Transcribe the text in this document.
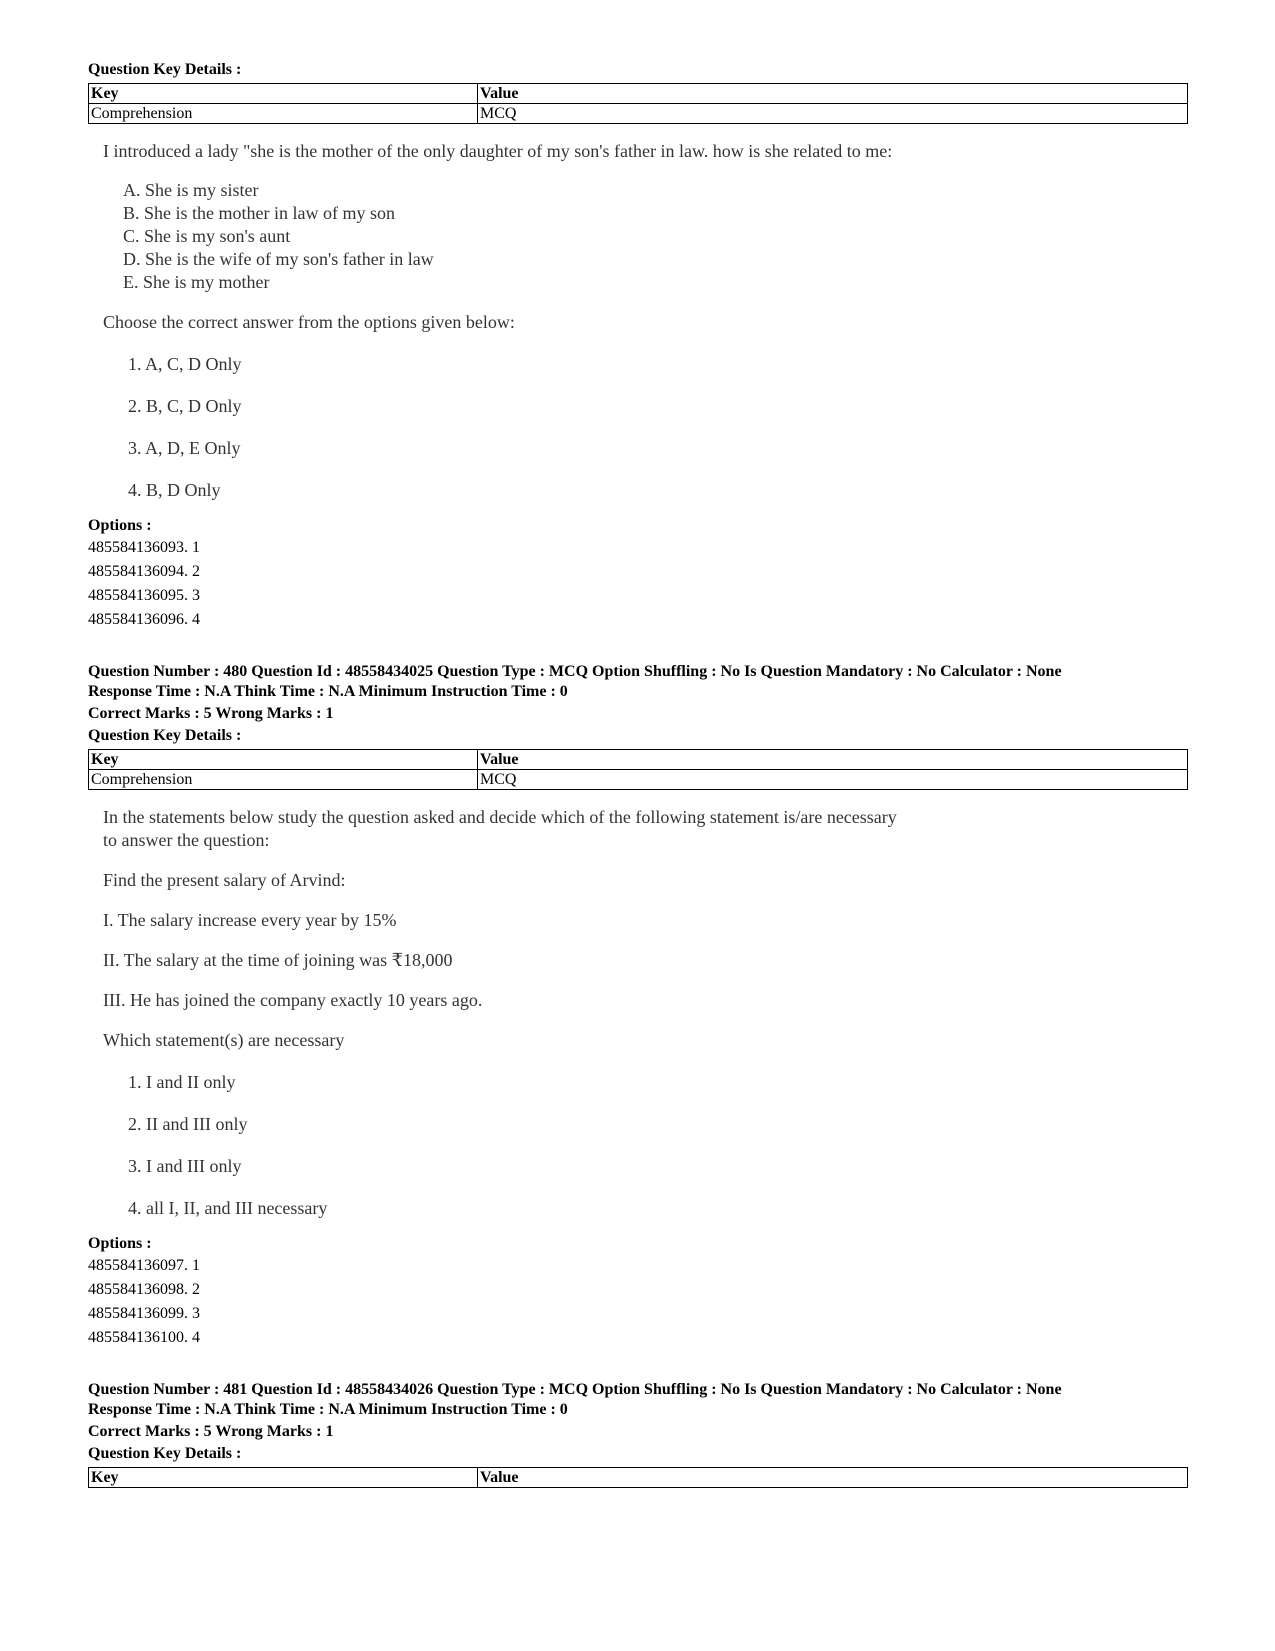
Question Key Details :
Key	Value
Comprehension	MCQ

I introduced a lady "she is the mother of the only daughter of my son's father in law. how is she related to me:

A. She is my sister
B. She is the mother in law of my son
C. She is my son's aunt
D. She is the wife of my son's father in law
E. She is my mother

Choose the correct answer from the options given below:

1. A, C, D Only
2. B, C, D Only
3. A, D, E Only
4. B, D Only
Options :
485584136093. 1
485584136094. 2
485584136095. 3
485584136096. 4
Question Number : 480 Question Id : 48558434025 Question Type : MCQ Option Shuffling : No Is Question Mandatory : No Calculator : None
Response Time : N.A Think Time : N.A Minimum Instruction Time : 0
Correct Marks : 5 Wrong Marks : 1
Question Key Details :
Key	Value
Comprehension	MCQ

In the statements below study the question asked and decide which of the following statement is/are necessary

to answer the question:

Find the present salary of Arvind:

I. The salary increase every year by 15%

II. The salary at the time of joining was ₹18,000

III. He has joined the company exactly 10 years ago.

Which statement(s) are necessary

1. I and II only
2. II and III only
3. I and III only
4. all I, II, and III necessary
Options :
485584136097. 1
485584136098. 2
485584136099. 3
485584136100. 4
Question Number : 481 Question Id : 48558434026 Question Type : MCQ Option Shuffling : No Is Question Mandatory : No Calculator : None
Response Time : N.A Think Time : N.A Minimum Instruction Time : 0
Correct Marks : 5 Wrong Marks : 1
Question Key Details :
Key	Value
